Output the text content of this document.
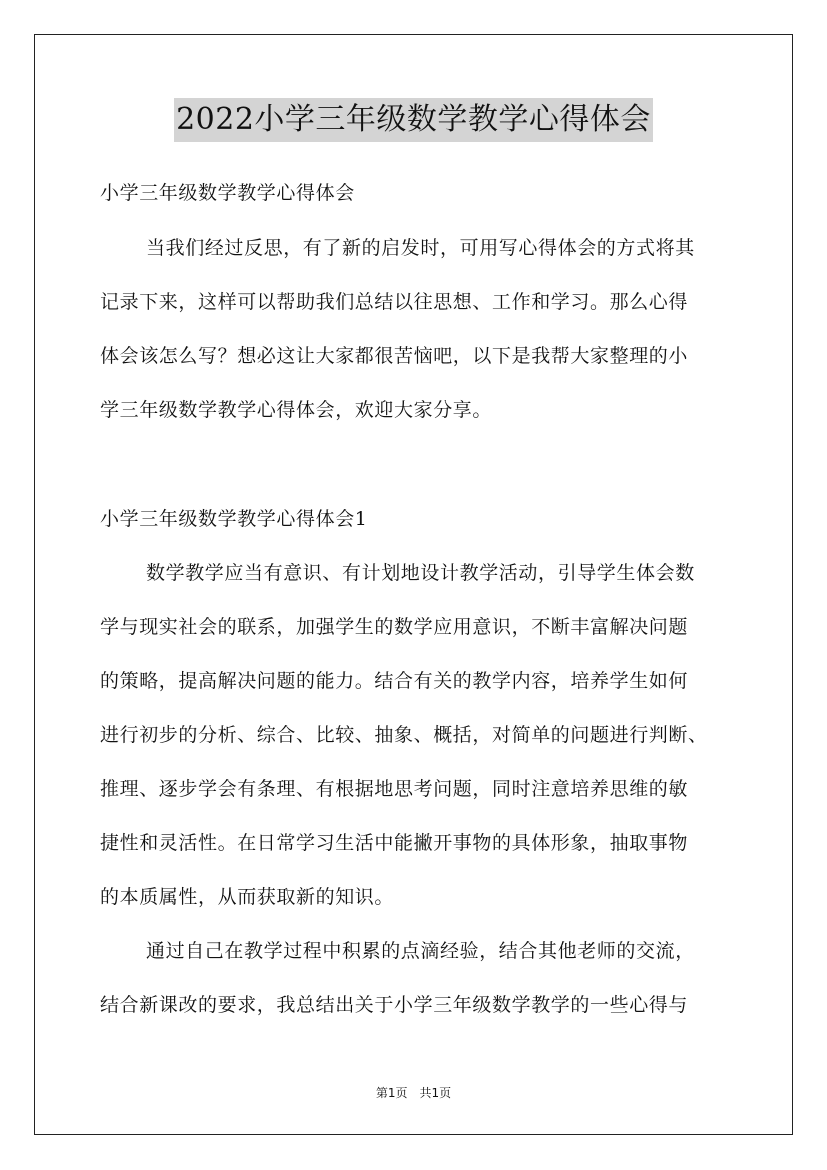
2022小学三年级数学教学心得体会
小学三年级数学教学心得体会
当我们经过反思，有了新的启发时，可用写心得体会的方式将其
记录下来，这样可以帮助我们总结以往思想、工作和学习。那么心得
体会该怎么写？想必这让大家都很苦恼吧，以下是我帮大家整理的小
学三年级数学教学心得体会，欢迎大家分享。
小学三年级数学教学心得体会1
数学教学应当有意识、有计划地设计教学活动，引导学生体会数
学与现实社会的联系，加强学生的数学应用意识，不断丰富解决问题
的策略，提高解决问题的能力。结合有关的教学内容，培养学生如何
进行初步的分析、综合、比较、抽象、概括，对简单的问题进行判断、
推理、逐步学会有条理、有根据地思考问题，同时注意培养思维的敏
捷性和灵活性。在日常学习生活中能撇开事物的具体形象，抽取事物
的本质属性，从而获取新的知识。
通过自己在教学过程中积累的点滴经验，结合其他老师的交流，
结合新课改的要求，我总结出关于小学三年级数学教学的一些心得与
第1页　共1页
